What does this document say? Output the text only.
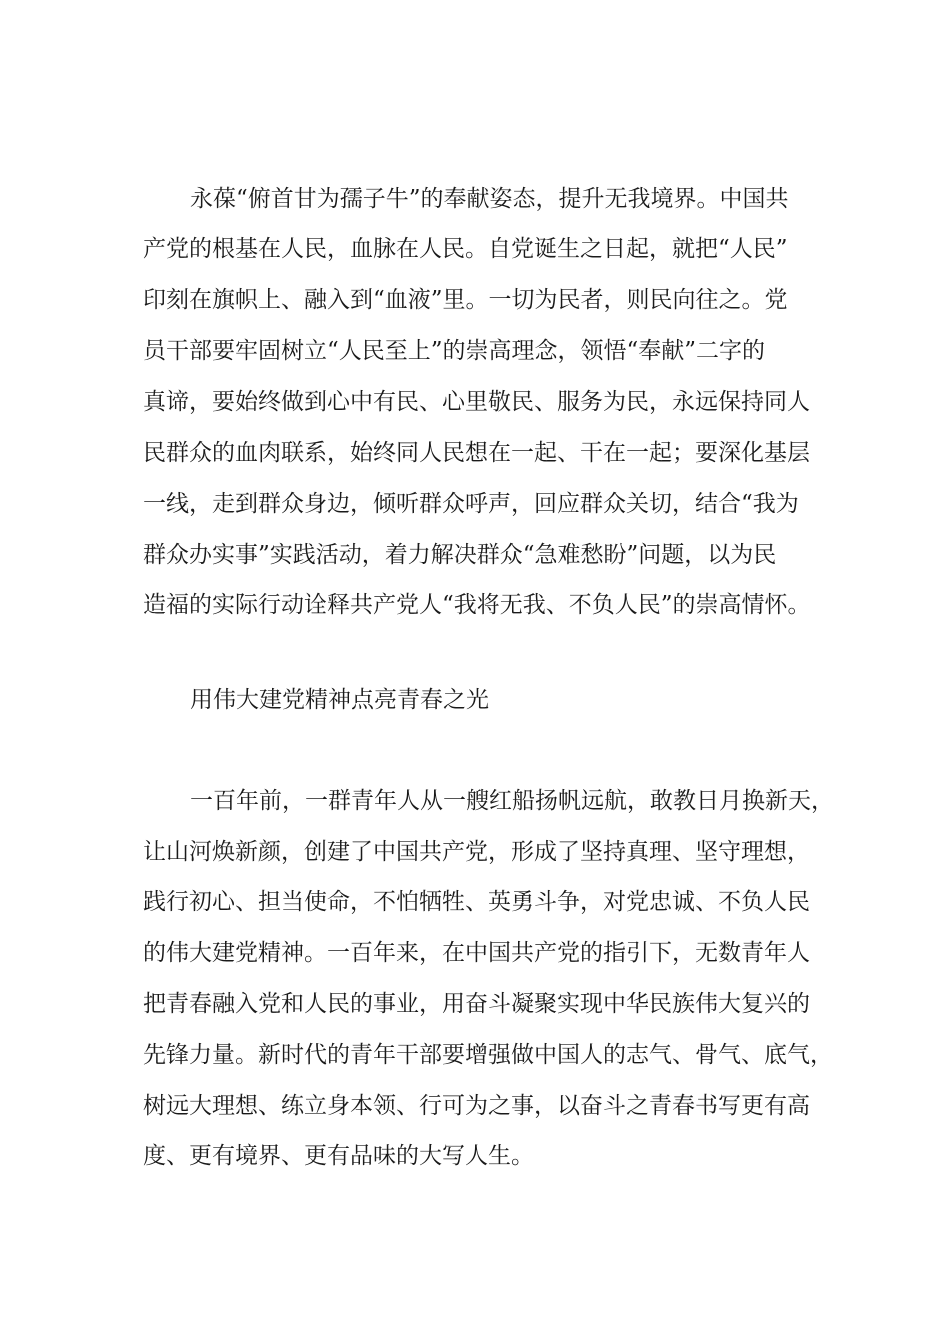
永葆“俯首甘为孺子牛”的奉献姿态，提升无我境界。中国共

产党的根基在人民，血脉在人民。自党诞生之日起，就把“人民”

印刻在旗帜上、融入到“血液”里。一切为民者，则民向往之。党

员干部要牢固树立“人民至上”的崇高理念，领悟“奉献”二字的

真谛，要始终做到心中有民、心里敬民、服务为民，永远保持同人

民群众的血肉联系，始终同人民想在一起、干在一起；要深化基层

一线，走到群众身边，倾听群众呼声，回应群众关切，结合“我为

群众办实事”实践活动，着力解决群众“急难愁盼”问题，以为民

造福的实际行动诠释共产党人“我将无我、不负人民”的崇高情怀。

用伟大建党精神点亮青春之光

一百年前，一群青年人从一艘红船扬帆远航，敢教日月换新天，

让山河焕新颜，创建了中国共产党，形成了坚持真理、坚守理想，

践行初心、担当使命，不怕牺牲、英勇斗争，对党忠诚、不负人民

的伟大建党精神。一百年来，在中国共产党的指引下，无数青年人

把青春融入党和人民的事业，用奋斗凝聚实现中华民族伟大复兴的

先锋力量。新时代的青年干部要增强做中国人的志气、骨气、底气，

树远大理想、练立身本领、行可为之事，以奋斗之青春书写更有高

度、更有境界、更有品味的大写人生。
